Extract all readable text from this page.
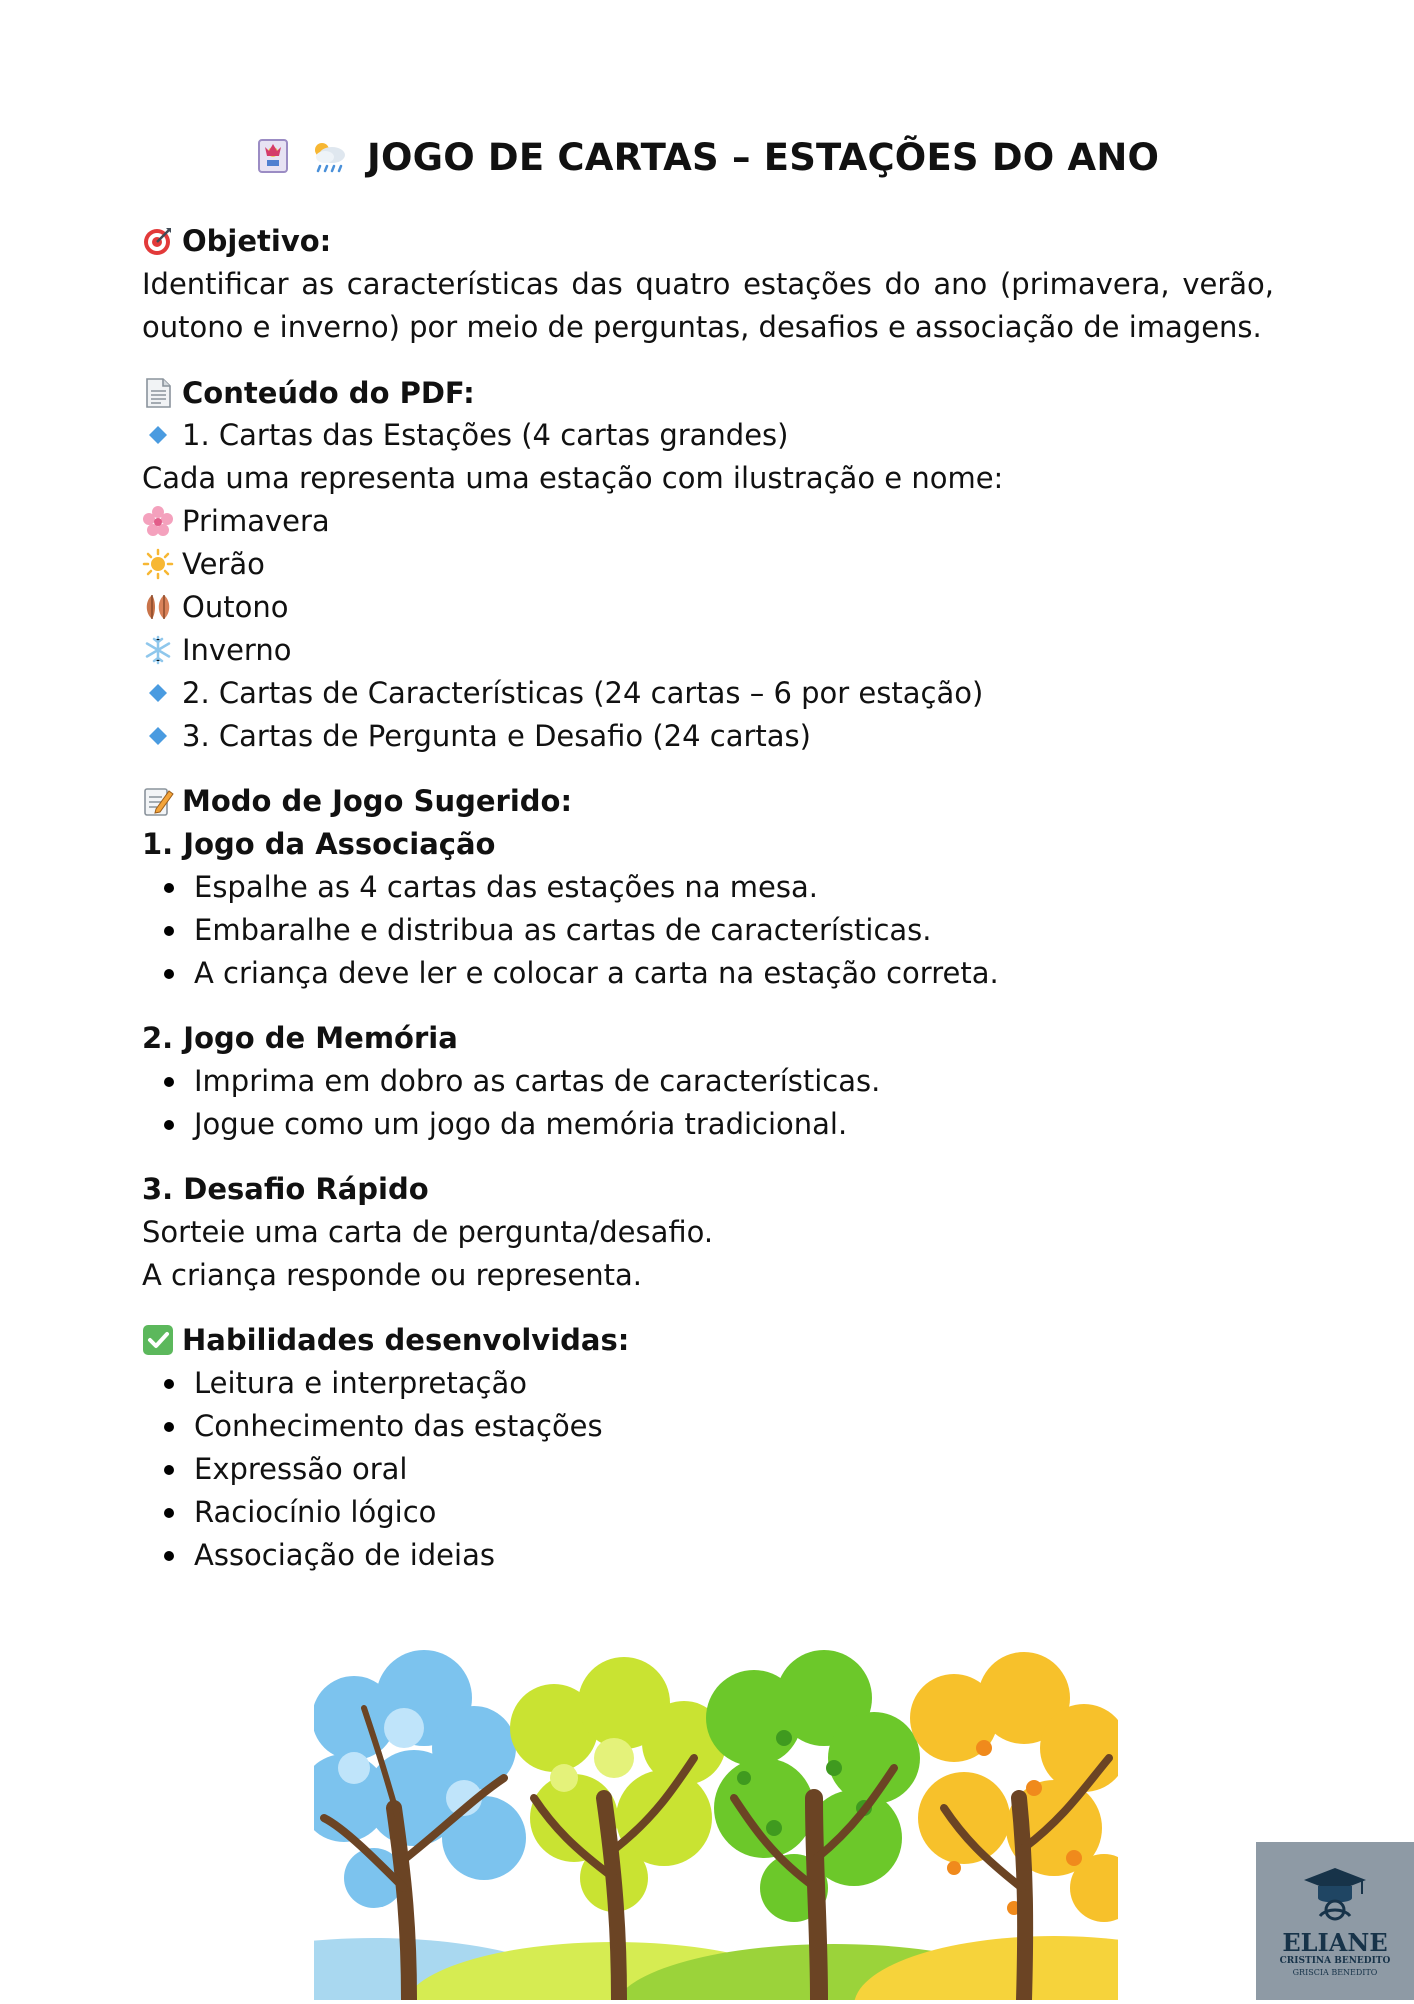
JOGO DE CARTAS – ESTAÇÕES DO ANO
Objetivo:
Identificar as características das quatro estações do ano (primavera, verão, outono e inverno) por meio de perguntas, desafios e associação de imagens.
Conteúdo do PDF:
1. Cartas das Estações (4 cartas grandes)
Cada uma representa uma estação com ilustração e nome:
Primavera
Verão
Outono
Inverno
2. Cartas de Características (24 cartas – 6 por estação)
3. Cartas de Pergunta e Desafio (24 cartas)
Modo de Jogo Sugerido:
1. Jogo da Associação
Espalhe as 4 cartas das estações na mesa.
Embaralhe e distribua as cartas de características.
A criança deve ler e colocar a carta na estação correta.
2. Jogo de Memória
Imprima em dobro as cartas de características.
Jogue como um jogo da memória tradicional.
3. Desafio Rápido
Sorteie uma carta de pergunta/desafio.
A criança responde ou representa.
Habilidades desenvolvidas:
Leitura e interpretação
Conhecimento das estações
Expressão oral
Raciocínio lógico
Associação de ideias
ELIANE
CRISTINA BENEDITO
GRISCIA BENEDITO
